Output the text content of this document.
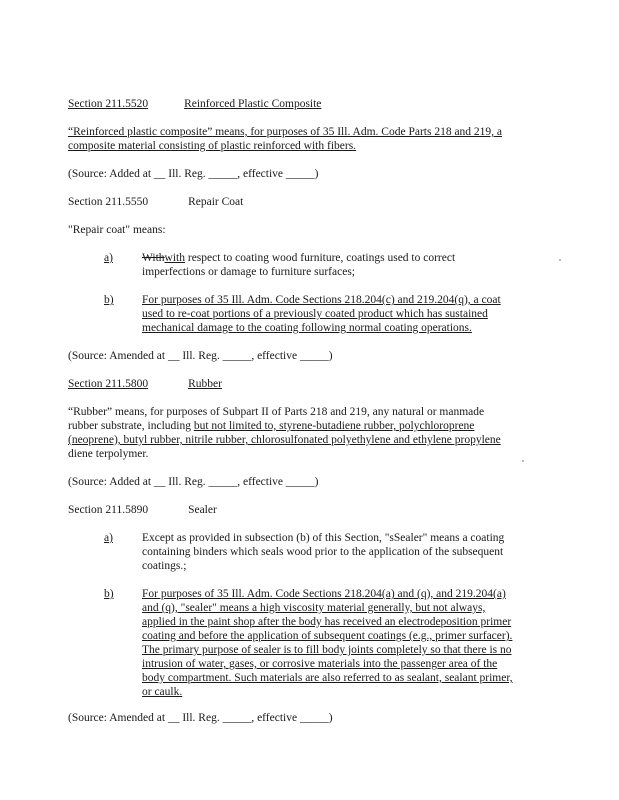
Section 211.5520	Reinforced Plastic Composite
“Reinforced plastic composite” means, for purposes of 35 Ill. Adm. Code Parts 218 and 219, a
composite material consisting of plastic reinforced with fibers.
(Source: Added at __ Ill. Reg. _____, effective _____)
Section 211.5550	Repair Coat
"Repair coat" means:
a)	Withwith respect to coating wood furniture, coatings used to correct
imperfections or damage to furniture surfaces;
b) For purposes of 35 Ill. Adm. Code Sections 218.204(c) and 219.204(q), a coat
used to re-coat portions of a previously coated product which has sustained
mechanical damage to the coating following normal coating operations.
(Source: Amended at __ Ill. Reg. _____, effective _____)
Section 211.5800	Rubber
“Rubber” means, for purposes of Subpart II of Parts 218 and 219, any natural or manmade
rubber substrate, including but not limited to, styrene-butadiene rubber, polychloroprene
(neoprene), butyl rubber, nitrile rubber, chlorosulfonated polyethylene and ethylene propylene
diene terpolymer.
(Source: Added at __ Ill. Reg. _____, effective _____)
Section 211.5890	Sealer
a)	Except as provided in subsection (b) of this Section, "sSealer" means a coating
containing binders which seals wood prior to the application of the subsequent
coatings.;
b) For purposes of 35 Ill. Adm. Code Sections 218.204(a) and (q), and 219.204(a)
and (q), "sealer" means a high viscosity material generally, but not always,
applied in the paint shop after the body has received an electrodeposition primer
coating and before the application of subsequent coatings (e.g., primer surfacer).
The primary purpose of sealer is to fill body joints completely so that there is no
intrusion of water, gases, or corrosive materials into the passenger area of the
body compartment. Such materials are also referred to as sealant, sealant primer,
or caulk.
(Source: Amended at __ Ill. Reg. _____, effective _____)
